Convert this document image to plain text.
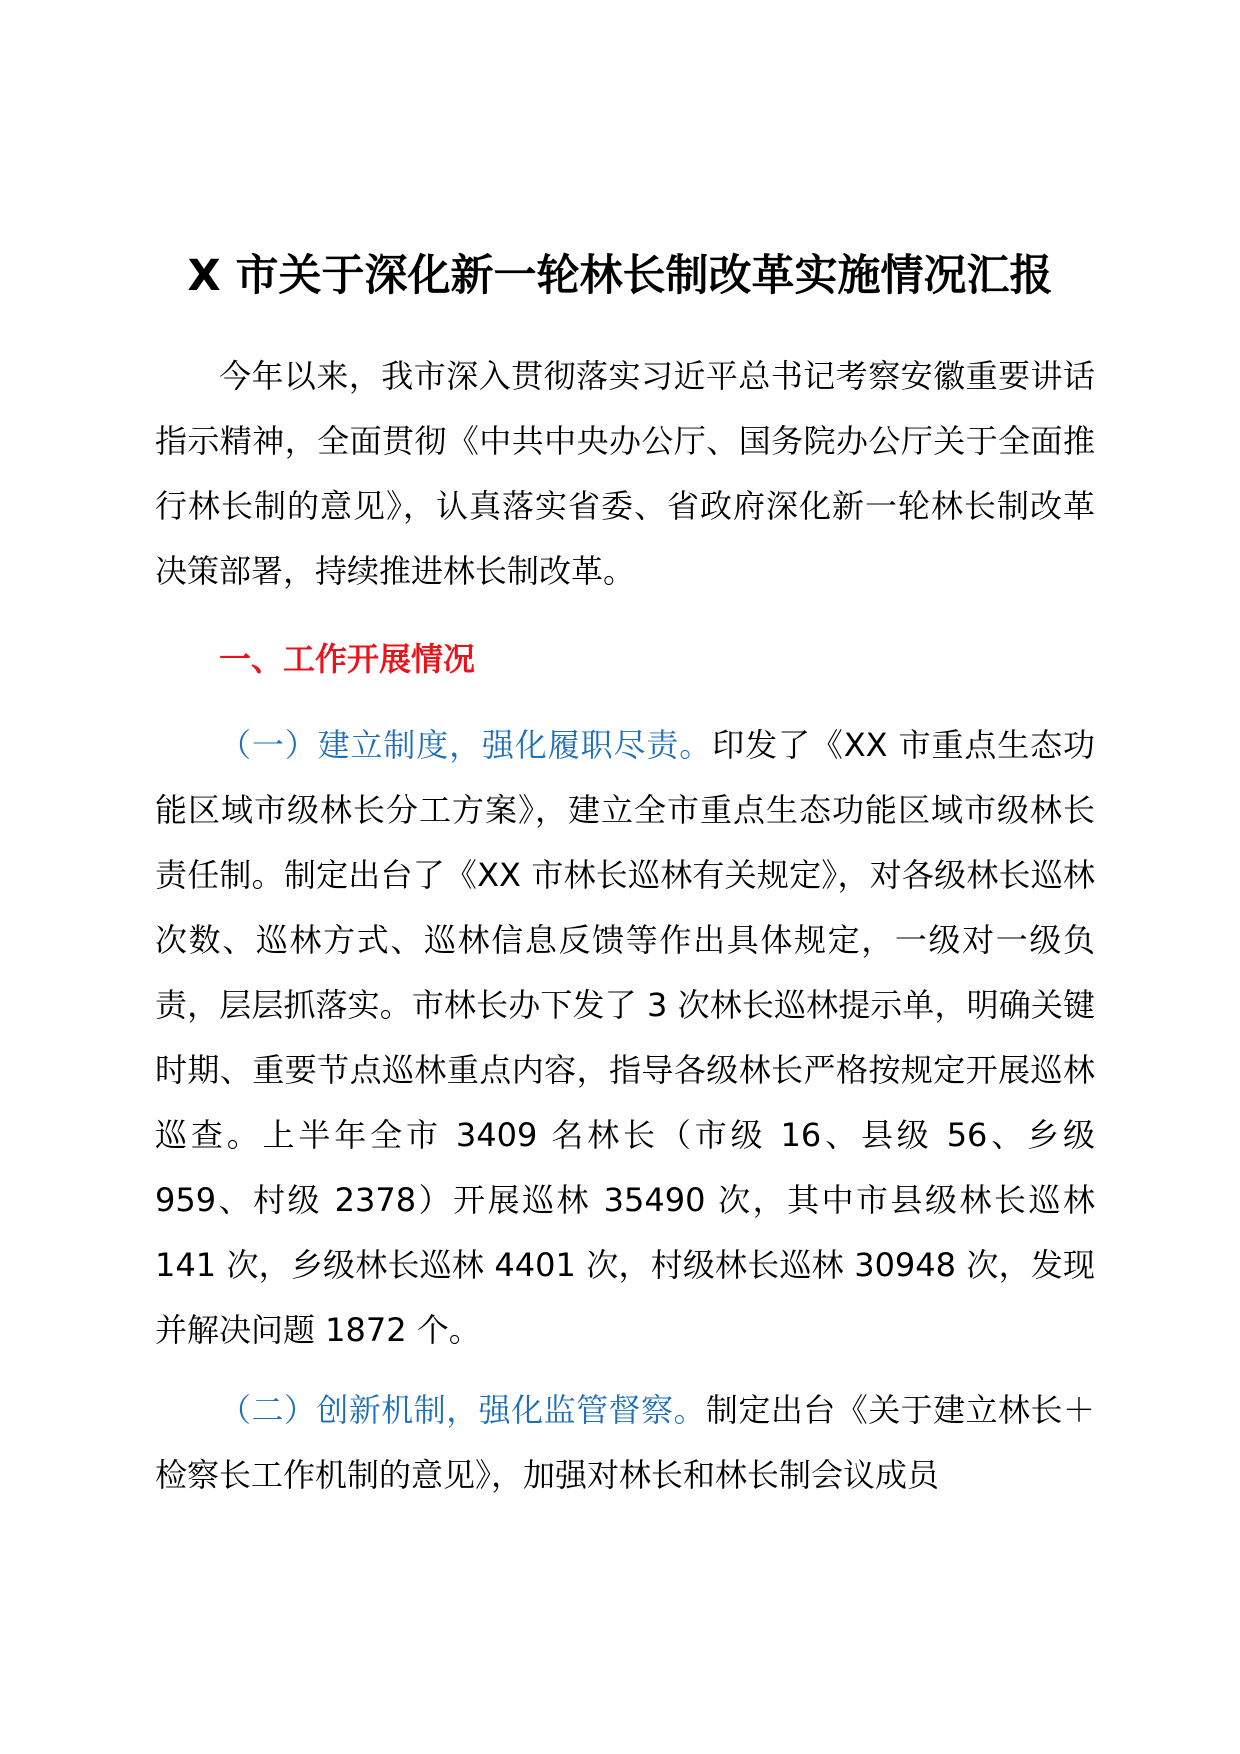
X 市关于深化新一轮林长制改革实施情况汇报

今年以来，我市深入贯彻落实习近平总书记考察安徽重要讲话指示精神，全面贯彻《中共中央办公厅、国务院办公厅关于全面推行林长制的意见》，认真落实省委、省政府深化新一轮林长制改革决策部署，持续推进林长制改革。

一、工作开展情况

（一）建立制度，强化履职尽责。印发了《XX 市重点生态功能区域市级林长分工方案》，建立全市重点生态功能区域市级林长责任制。制定出台了《XX 市林长巡林有关规定》，对各级林长巡林次数、巡林方式、巡林信息反馈等作出具体规定，一级对一级负责，层层抓落实。市林长办下发了 3 次林长巡林提示单，明确关键时期、重要节点巡林重点内容，指导各级林长严格按规定开展巡林巡查。上半年全市 3409 名林长（市级 16、县级 56、乡级 959、村级 2378）开展巡林 35490 次，其中市县级林长巡林 141 次，乡级林长巡林 4401 次，村级林长巡林 30948 次，发现并解决问题 1872 个。

（二）创新机制，强化监管督察。制定出台《关于建立林长＋检察长工作机制的意见》，加强对林长和林长制会议成员
